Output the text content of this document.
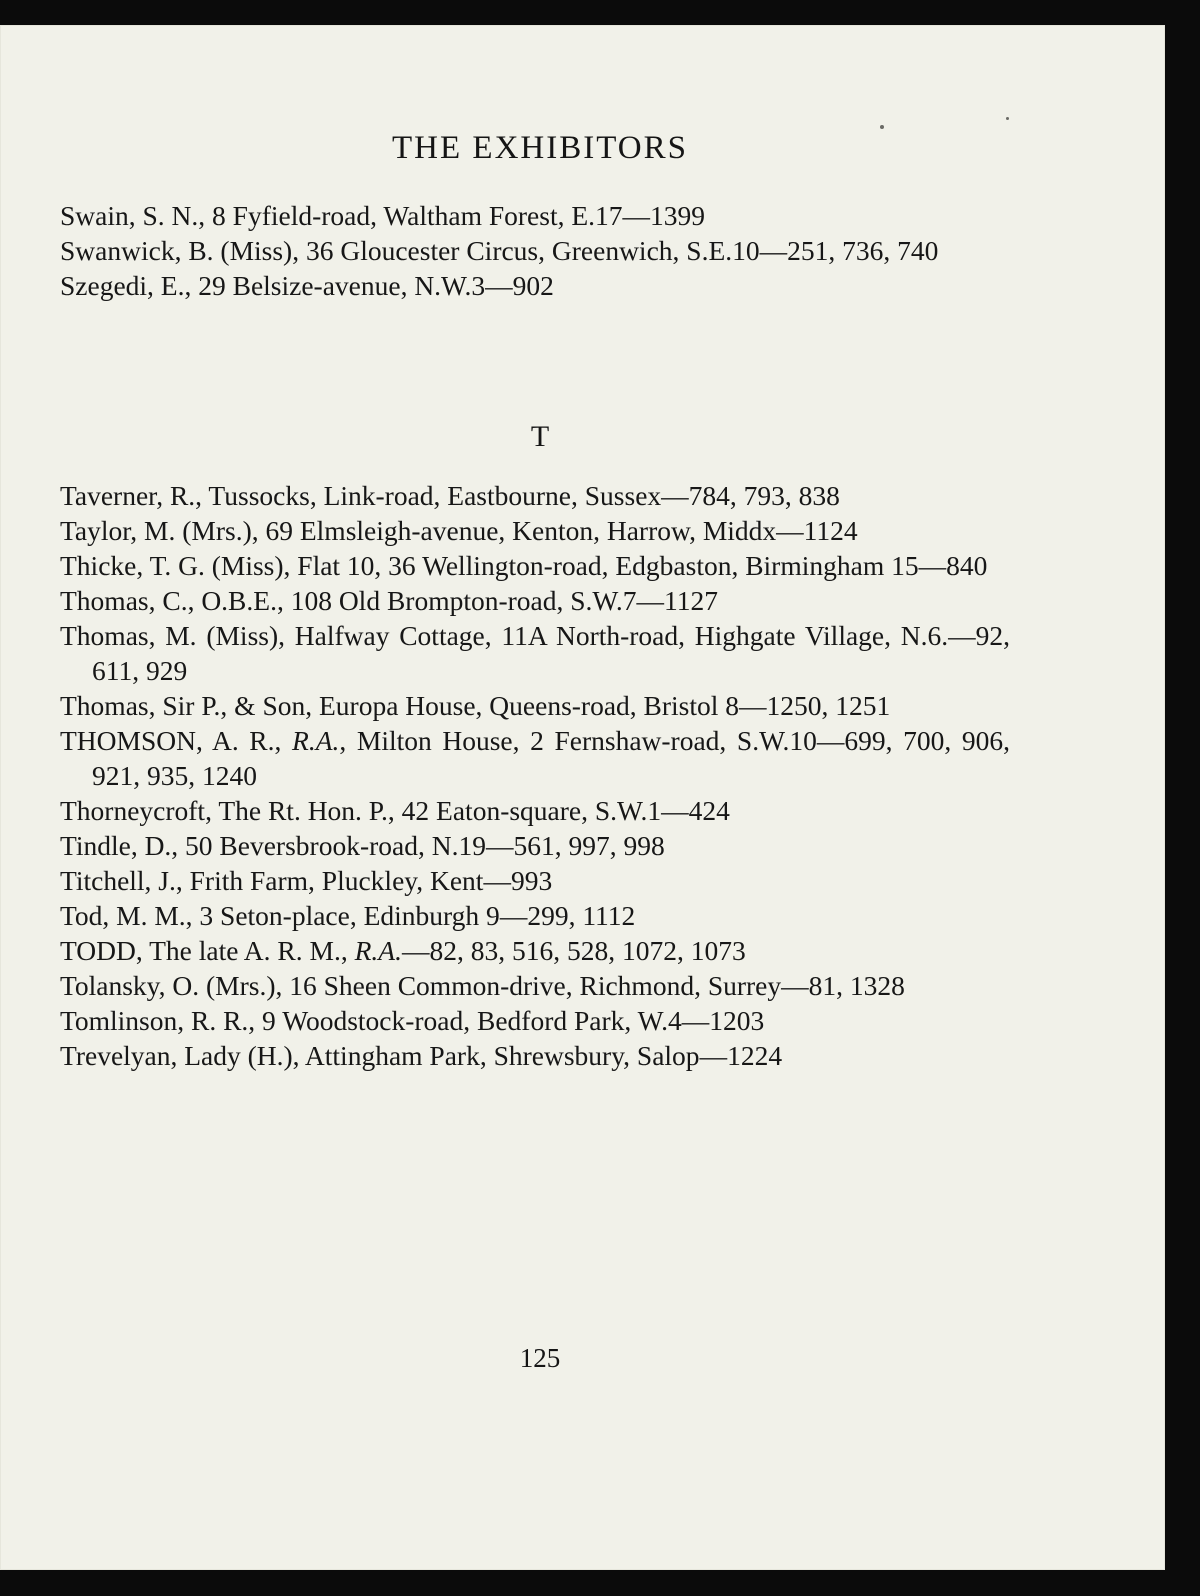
THE EXHIBITORS
Swain, S. N., 8 Fyfield-road, Waltham Forest, E.17—1399
Swanwick, B. (Miss), 36 Gloucester Circus, Greenwich, S.E.10—251, 736, 740
Szegedi, E., 29 Belsize-avenue, N.W.3—902
T
Taverner, R., Tussocks, Link-road, Eastbourne, Sussex—784, 793, 838
Taylor, M. (Mrs.), 69 Elmsleigh-avenue, Kenton, Harrow, Middx—1124
Thicke, T. G. (Miss), Flat 10, 36 Wellington-road, Edgbaston, Birmingham 15—840
Thomas, C., O.B.E., 108 Old Brompton-road, S.W.7—1127
Thomas, M. (Miss), Halfway Cottage, 11A North-road, Highgate Village, N.6.—92, 611, 929
Thomas, Sir P., & Son, Europa House, Queens-road, Bristol 8—1250, 1251
THOMSON, A. R., R.A., Milton House, 2 Fernshaw-road, S.W.10—699, 700, 906, 921, 935, 1240
Thorneycroft, The Rt. Hon. P., 42 Eaton-square, S.W.1—424
Tindle, D., 50 Beversbrook-road, N.19—561, 997, 998
Titchell, J., Frith Farm, Pluckley, Kent—993
Tod, M. M., 3 Seton-place, Edinburgh 9—299, 1112
TODD, The late A. R. M., R.A.—82, 83, 516, 528, 1072, 1073
Tolansky, O. (Mrs.), 16 Sheen Common-drive, Richmond, Surrey—81, 1328
Tomlinson, R. R., 9 Woodstock-road, Bedford Park, W.4—1203
Trevelyan, Lady (H.), Attingham Park, Shrewsbury, Salop—1224
125
